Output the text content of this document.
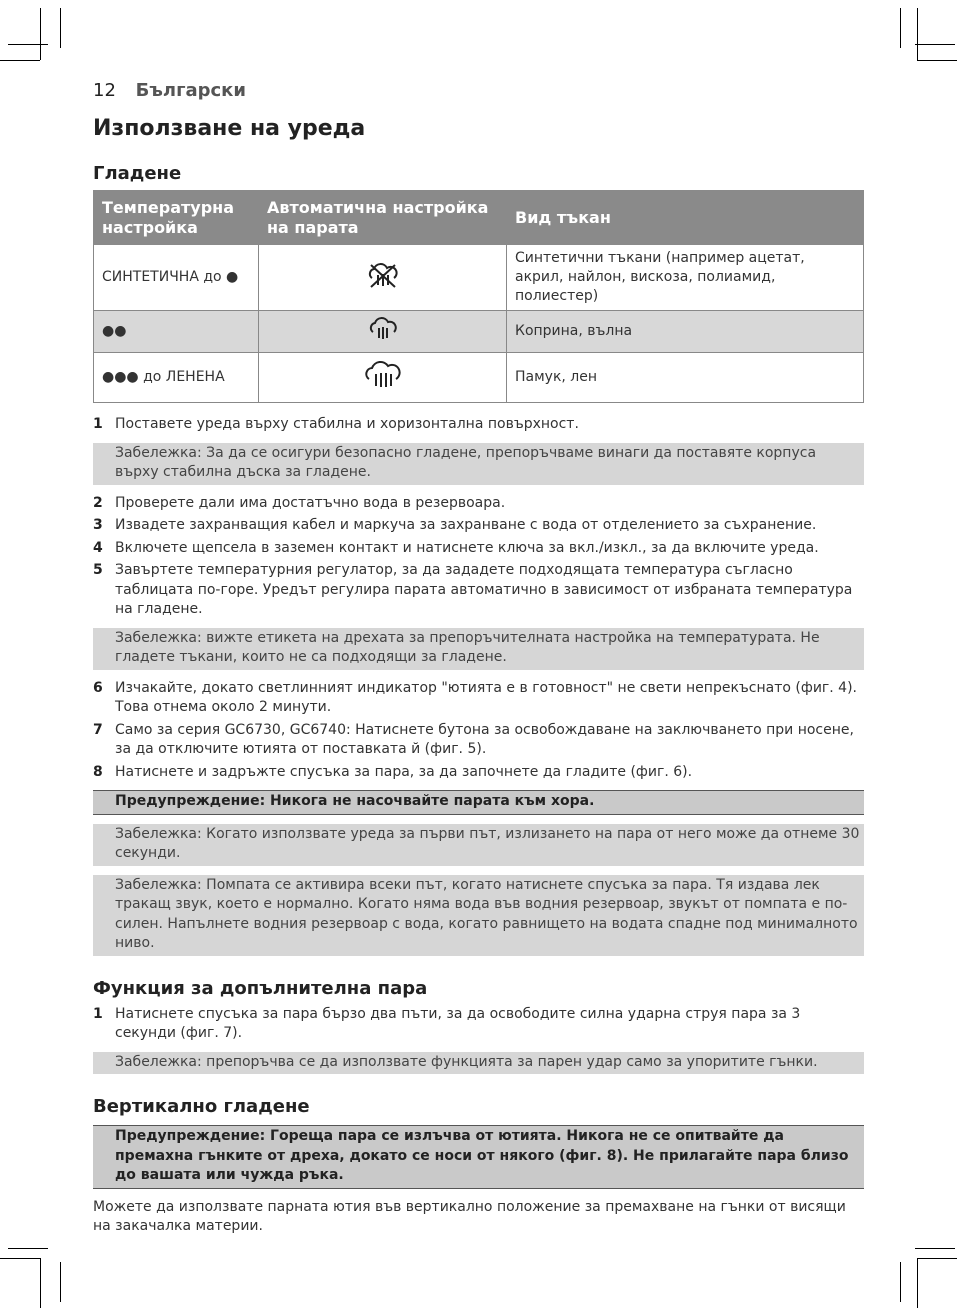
12 Български
Използване на уреда
Гладене
Температурна настройка	Автоматична настройка на парата	Вид тъкан
СИНТЕТИЧНА до ●		Синтетични тъкани (например ацетат, акрил, найлон, вискоза, полиамид, полиестер)
●●		Коприна, вълна
●●● до ЛЕНЕНА		Памук, лен
1 Поставете уреда върху стабилна и хоризонтална повърхност.
Забележка: За да се осигури безопасно гладене, препоръчваме винаги да поставяте корпуса върху стабилна дъска за гладене.
2 Проверете дали има достатъчно вода в резервоара.
3 Извадете захранващия кабел и маркуча за захранване с вода от отделението за съхранение.
4 Включете щепсела в заземен контакт и натиснете ключа за вкл./изкл., за да включите уреда.
5 Завъртете температурния регулатор, за да зададете подходящата температура съгласно таблицата по-горе. Уредът регулира парата автоматично в зависимост от избраната температура на гладене.
Забележка: вижте етикета на дрехата за препоръчителната настройка на температурата. Не гладете тъкани, които не са подходящи за гладене.
6 Изчакайте, докато светлинният индикатор "ютията е в готовност" не свети непрекъснато (фиг. 4). Това отнема около 2 минути.
7 Само за серия GC6730, GC6740: Натиснете бутона за освобождаване на заключването при носене, за да отключите ютията от поставката й (фиг. 5).
8 Натиснете и задръжте спусъка за пара, за да започнете да гладите (фиг. 6).
Предупреждение: Никога не насочвайте парата към хора.
Забележка: Когато използвате уреда за първи път, излизането на пара от него може да отнеме 30 секунди.
Забележка: Помпата се активира всеки път, когато натиснете спусъка за пара. Тя издава лек тракащ звук, което е нормално. Когато няма вода във водния резервоар, звукът от помпата е по-силен. Напълнете водния резервоар с вода, когато равнището на водата спадне под минималното ниво.
Функция за допълнителна пара
1 Натиснете спусъка за пара бързо два пъти, за да освободите силна ударна струя пара за 3 секунди (фиг. 7).
Забележка: препоръчва се да използвате функцията за парен удар само за упоритите гънки.
Вертикално гладене
Предупреждение: Гореща пара се излъчва от ютията. Никога не се опитвайте да премахна гънките от дреха, докато се носи от някого (фиг. 8). Не прилагайте пара близо до вашата или чужда ръка.
Можете да използвате парната ютия във вертикално положение за премахване на гънки от висящи на закачалка материи.
